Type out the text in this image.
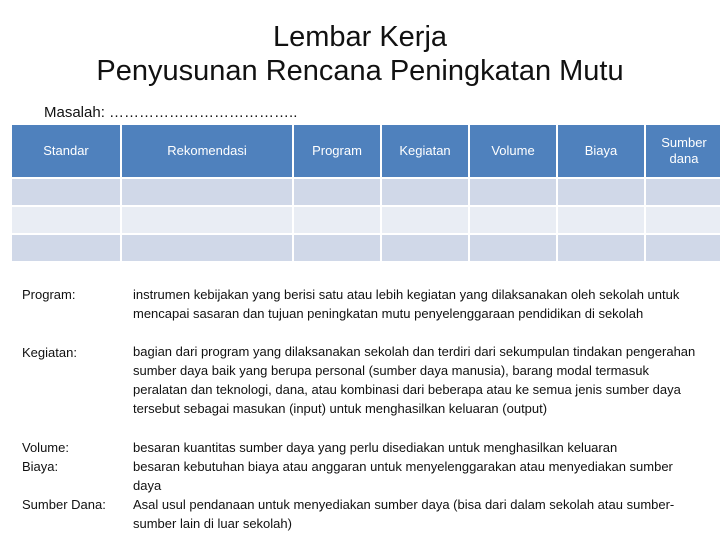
Lembar Kerja
Penyusunan Rencana Peningkatan Mutu
Masalah: ………………………………..
Standar	Rekomendasi	Program	Kegiatan	Volume	Biaya	Sumber dana

Program:	instrumen kebijakan yang berisi satu atau lebih kegiatan yang dilaksanakan oleh sekolah untuk mencapai sasaran dan tujuan peningkatan mutu penyelenggaraan pendidikan di sekolah
Kegiatan:	bagian dari program yang dilaksanakan sekolah dan terdiri dari sekumpulan tindakan pengerahan sumber daya baik yang berupa personal (sumber daya manusia), barang modal termasuk peralatan dan teknologi, dana, atau kombinasi dari beberapa atau ke semua jenis sumber daya tersebut sebagai masukan (input) untuk menghasilkan keluaran (output)
Volume:	besaran kuantitas sumber daya yang perlu disediakan untuk menghasilkan keluaran
Biaya:	besaran kebutuhan biaya atau anggaran untuk menyelenggarakan atau menyediakan sumber daya
Sumber Dana: Asal usul pendanaan untuk menyediakan sumber daya (bisa dari dalam sekolah atau sumber-sumber lain di luar sekolah)
